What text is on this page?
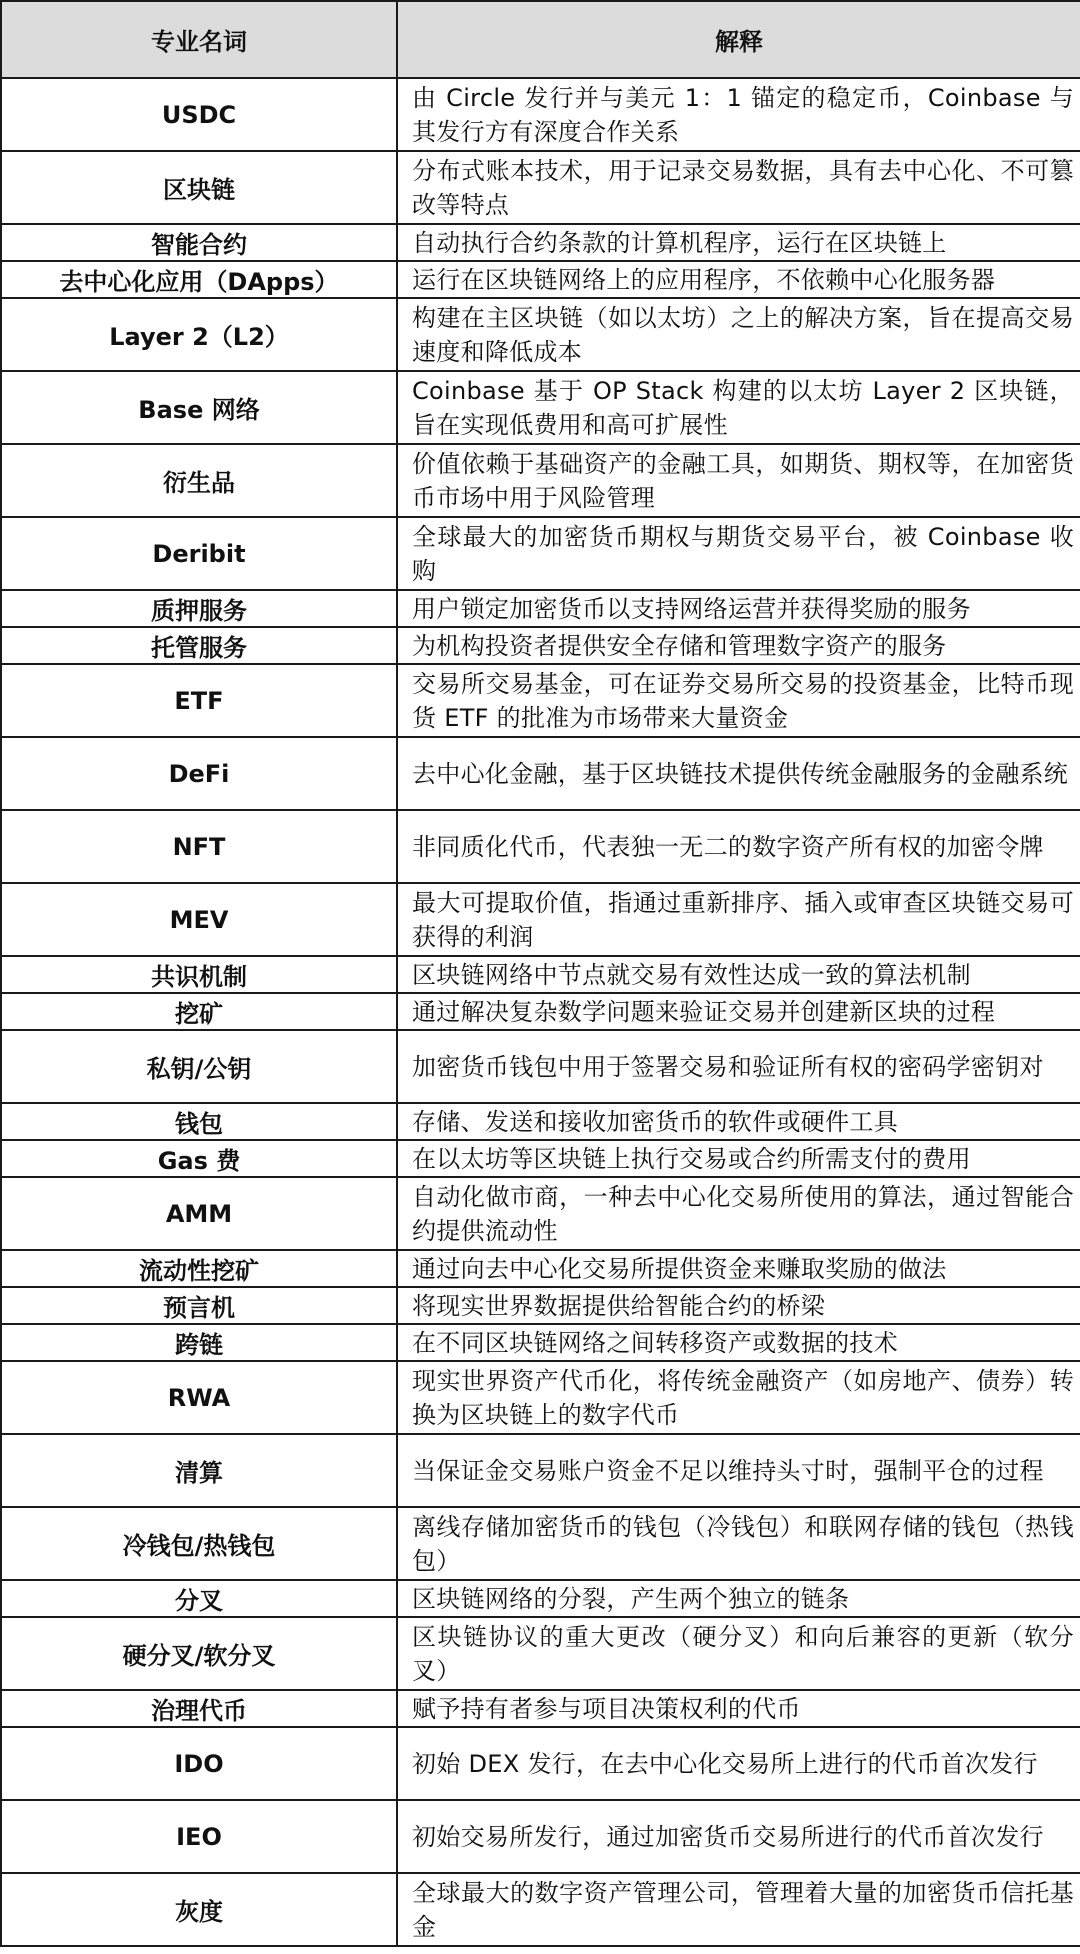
专业名词	解释
USDC	由 Circle 发行并与美元 1：1 锚定的稳定币，Coinbase 与其发行方有深度合作关系
区块链	分布式账本技术，用于记录交易数据，具有去中心化、不可篡改等特点
智能合约	自动执行合约条款的计算机程序，运行在区块链上
去中心化应用（DApps）	运行在区块链网络上的应用程序，不依赖中心化服务器
Layer 2（L2）	构建在主区块链（如以太坊）之上的解决方案，旨在提高交易速度和降低成本
Base 网络	Coinbase 基于 OP Stack 构建的以太坊 Layer 2 区块链，旨在实现低费用和高可扩展性
衍生品	价值依赖于基础资产的金融工具，如期货、期权等，在加密货币市场中用于风险管理
Deribit	全球最大的加密货币期权与期货交易平台，被 Coinbase 收购
质押服务	用户锁定加密货币以支持网络运营并获得奖励的服务
托管服务	为机构投资者提供安全存储和管理数字资产的服务
ETF	交易所交易基金，可在证券交易所交易的投资基金，比特币现货 ETF 的批准为市场带来大量资金
DeFi	去中心化金融，基于区块链技术提供传统金融服务的金融系统
NFT	非同质化代币，代表独一无二的数字资产所有权的加密令牌
MEV	最大可提取价值，指通过重新排序、插入或审查区块链交易可获得的利润
共识机制	区块链网络中节点就交易有效性达成一致的算法机制
挖矿	通过解决复杂数学问题来验证交易并创建新区块的过程
私钥/公钥	加密货币钱包中用于签署交易和验证所有权的密码学密钥对
钱包	存储、发送和接收加密货币的软件或硬件工具
Gas 费	在以太坊等区块链上执行交易或合约所需支付的费用
AMM	自动化做市商，一种去中心化交易所使用的算法，通过智能合约提供流动性
流动性挖矿	通过向去中心化交易所提供资金来赚取奖励的做法
预言机	将现实世界数据提供给智能合约的桥梁
跨链	在不同区块链网络之间转移资产或数据的技术
RWA	现实世界资产代币化，将传统金融资产（如房地产、债券）转换为区块链上的数字代币
清算	当保证金交易账户资金不足以维持头寸时，强制平仓的过程
冷钱包/热钱包	离线存储加密货币的钱包（冷钱包）和联网存储的钱包（热钱包）
分叉	区块链网络的分裂，产生两个独立的链条
硬分叉/软分叉	区块链协议的重大更改（硬分叉）和向后兼容的更新（软分叉）
治理代币	赋予持有者参与项目决策权利的代币
IDO	初始 DEX 发行，在去中心化交易所上进行的代币首次发行
IEO	初始交易所发行，通过加密货币交易所进行的代币首次发行
灰度	全球最大的数字资产管理公司，管理着大量的加密货币信托基金
